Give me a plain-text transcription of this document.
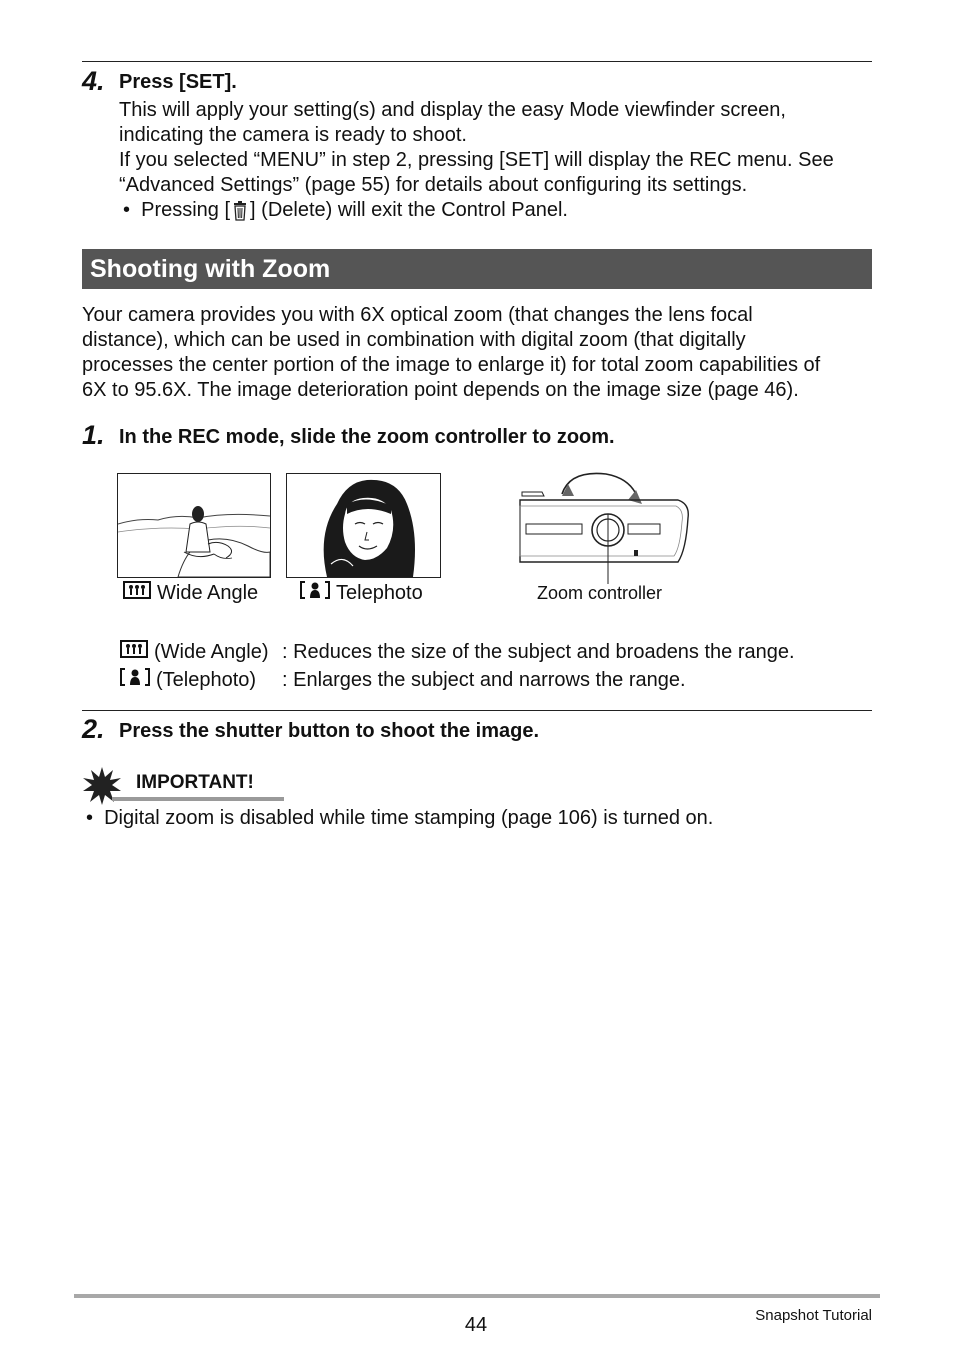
4. Press [SET].
This will apply your setting(s) and display the easy Mode viewfinder screen,
indicating the camera is ready to shoot.
If you selected “MENU” in step 2, pressing [SET] will display the REC menu. See
“Advanced Settings” (page 55) for details about configuring its settings.
•  Pressing [ ] (Delete) will exit the Control Panel.
Shooting with Zoom
Your camera provides you with 6X optical zoom (that changes the lens focal
distance), which can be used in combination with digital zoom (that digitally
processes the center portion of the image to enlarge it) for total zoom capabilities of
6X to 95.6X. The image deterioration point depends on the image size (page 46).
1. In the REC mode, slide the zoom controller to zoom.
Wide Angle	Telephoto	Zoom controller
(Wide Angle) : Reduces the size of the subject and broadens the range.
(Telephoto) : Enlarges the subject and narrows the range.
2. Press the shutter button to shoot the image.
IMPORTANT!
•  Digital zoom is disabled while time stamping (page 106) is turned on.
44	Snapshot Tutorial
